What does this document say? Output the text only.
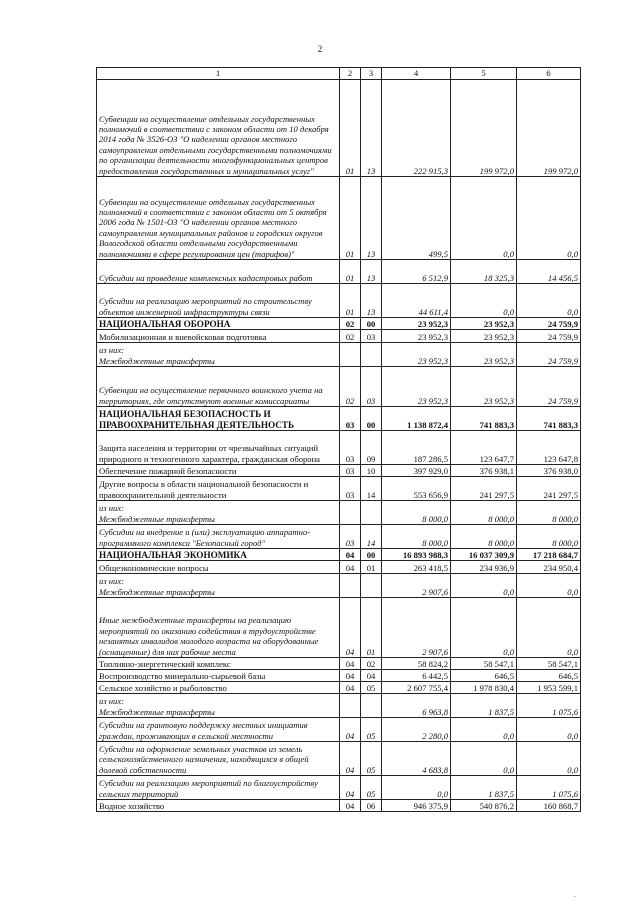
2
1	2	3	4	5	6
Субвенции на осуществление отдельных государственных полномочий в соответствии с законом области от 10 декабря 2014 года № 3526-ОЗ "О наделении органов местного самоуправления отдельными государственными полномочиями по организации деятельности многофункциональных центров предоставления государственных и муниципальных услуг"	01	13	222 915,3	199 972,0	199 972,0
Субвенции на осуществление отдельных государственных полномочий в соответствии с законом области от 5 октября 2006 года № 1501-ОЗ "О наделении органов местного самоуправления муниципальных районов и городских округов Вологодской области отдельными государственными полномочиями в сфере регулирования цен (тарифов)"	01	13	499,5	0,0	0,0
Субсидии на проведение комплексных кадастровых работ	01	13	6 512,9	18 325,3	14 456,5
Субсидии на реализацию мероприятий по строительству объектов инженерной инфраструктуры связи	01	13	44 611,4	0,0	0,0
НАЦИОНАЛЬНАЯ ОБОРОНА	02	00	23 952,3	23 952,3	24 759,9
Мобилизационная и вневойсковая подготовка	02	03	23 952,3	23 952,3	24 759,9
из них:
Межбюджетные трансферты			23 952,3	23 952,3	24 759,9
Субвенции на осуществление первичного воинского учета на территориях, где отсутствуют военные комиссариаты	02	03	23 952,3	23 952,3	24 759,9
НАЦИОНАЛЬНАЯ БЕЗОПАСНОСТЬ И ПРАВООХРАНИТЕЛЬНАЯ ДЕЯТЕЛЬНОСТЬ	03	00	1 138 872,4	741 883,3	741 883,3
Защита населения и территории от чрезвычайных ситуаций природного и техногенного характера, гражданская оборона	03	09	187 286,5	123 647,7	123 647,8
Обеспечение пожарной безопасности	03	10	397 929,0	376 938,1	376 938,0
Другие вопросы в области национальной безопасности и правоохранительной деятельности	03	14	553 656,9	241 297,5	241 297,5
из них:
Межбюджетные трансферты			8 000,0	8 000,0	8 000,0
Субсидии на внедрение и (или) эксплуатацию аппаратно-программного комплекса "Безопасный город"	03	14	8 000,0	8 000,0	8 000,0
НАЦИОНАЛЬНАЯ ЭКОНОМИКА	04	00	16 893 988,3	16 037 309,9	17 218 684,7
Общеэкономические вопросы	04	01	263 418,5	234 936,9	234 950,4
из них:
Межбюджетные трансферты			2 907,6	0,0	0,0
Иные межбюджетные трансферты на реализацию мероприятий по оказанию содействия в трудоустройстве незанятых инвалидов молодого возраста на оборудованные (оснащенные) для них рабочие места	04	01	2 907,6	0,0	0,0
Топливно-энергетический комплекс	04	02	58 824,2	58 547,1	58 547,1
Воспроизводство минерально-сырьевой базы	04	04	6 442,5	646,5	646,5
Сельское хозяйство и рыболовство	04	05	2 607 755,4	1 978 830,4	1 953 599,1
из них:
Межбюджетные трансферты			6 963,8	1 837,5	1 075,6
Субсидии на грантовую поддержку местных инициатив граждан, проживающих в сельской местности	04	05	2 280,0	0,0	0,0
Субсидии на оформление земельных участков из земель сельскохозяйственного назначения, находящихся в общей долевой собственности	04	05	4 683,8	0,0	0,0
Субсидии на реализацию мероприятий по благоустройству сельских территорий	04	05	0,0	1 837,5	1 075,6
Водное хозяйство	04	06	946 375,9	540 876,2	160 868,7
·
